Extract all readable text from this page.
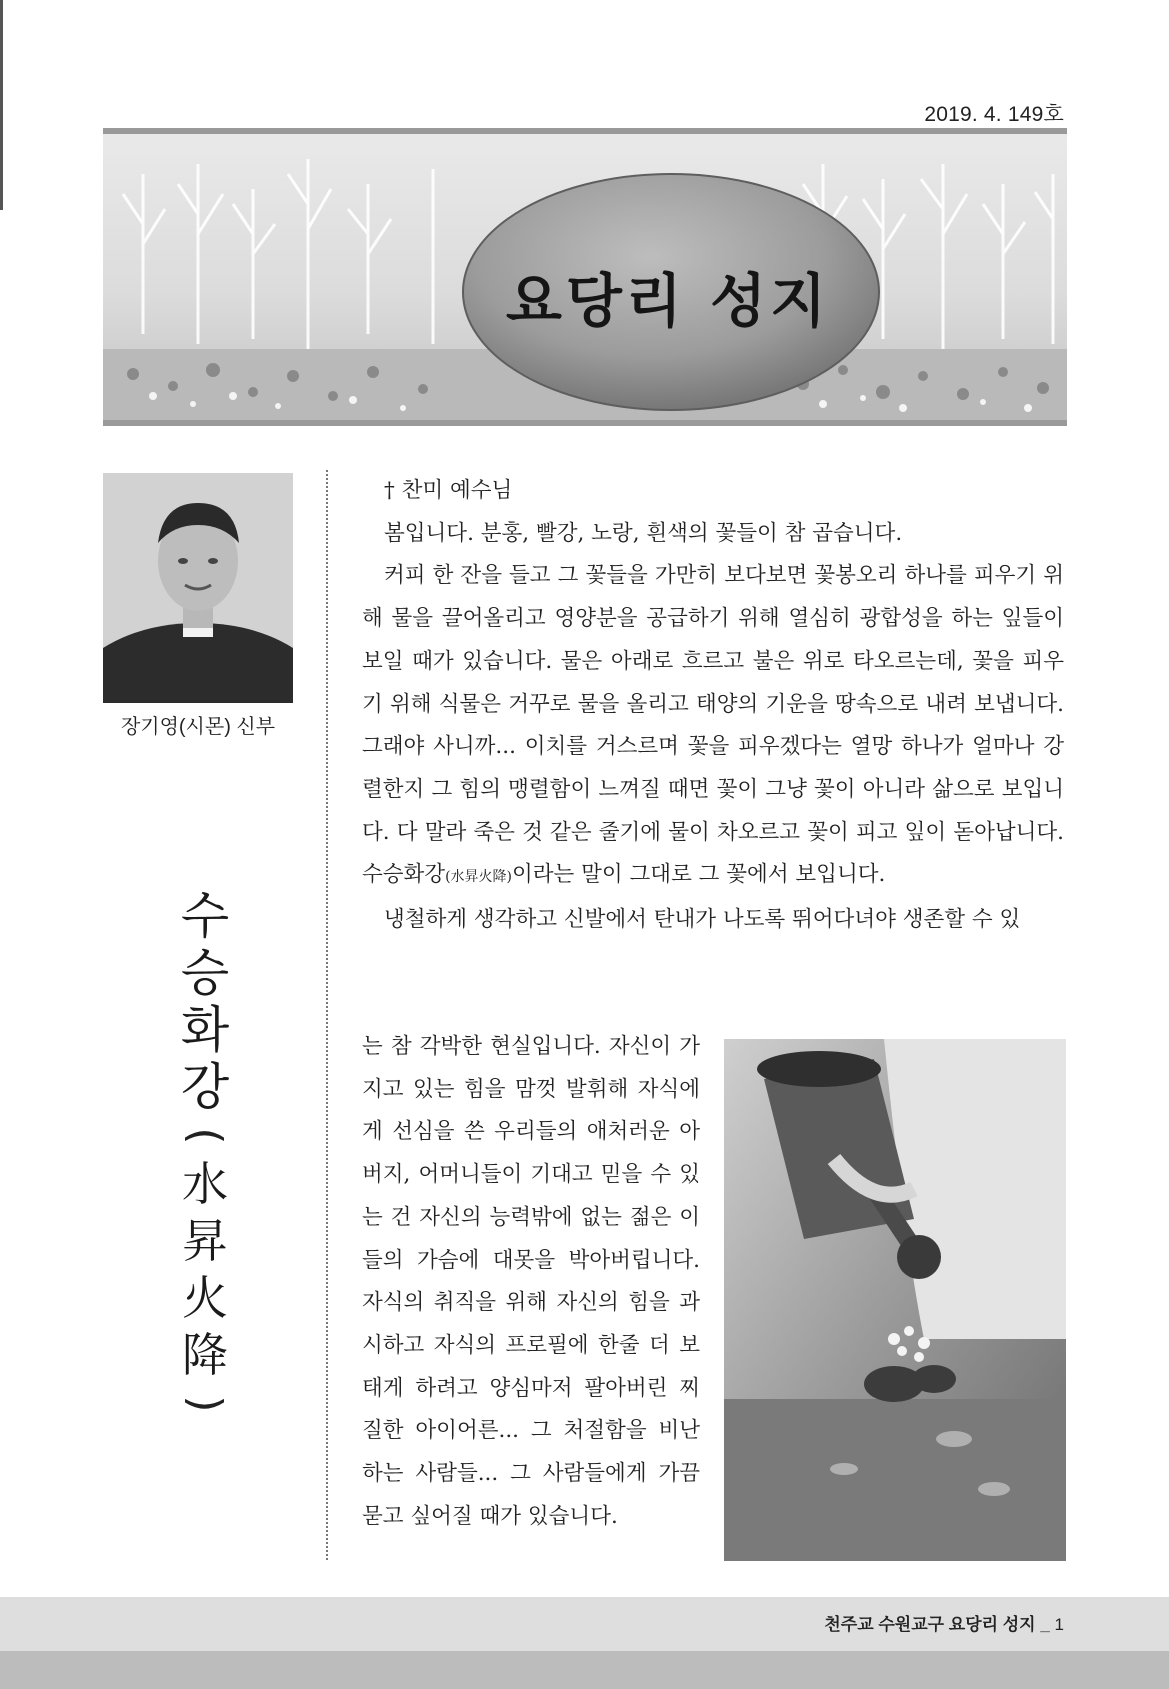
2019. 4. 149호
요당리 성지
장기영(시몬) 신부
수
승
화
강
(
水
昇
火
降
)

† 찬미 예수님

봄입니다. 분홍, 빨강, 노랑, 흰색의 꽃들이 참 곱습니다.

커피 한 잔을 들고 그 꽃들을 가만히 보다보면 꽃봉오리 하나를 피우기 위해 물을 끌어올리고 영양분을 공급하기 위해 열심히 광합성을 하는 잎들이 보일 때가 있습니다. 물은 아래로 흐르고 불은 위로 타오르는데, 꽃을 피우기 위해 식물은 거꾸로 물을 올리고 태양의 기운을 땅속으로 내려 보냅니다. 그래야 사니까... 이치를 거스르며 꽃을 피우겠다는 열망 하나가 얼마나 강렬한지 그 힘의 맹렬함이 느껴질 때면 꽃이 그냥 꽃이 아니라 삶으로 보입니다. 다 말라 죽은 것 같은 줄기에 물이 차오르고 꽃이 피고 잎이 돋아납니다. 수승화강(水昇火降)이라는 말이 그대로 그 꽃에서 보입니다.

냉철하게 생각하고 신발에서 탄내가 나도록 뛰어다녀야 생존할 수 있

는 참 각박한 현실입니다. 자신이 가지고 있는 힘을 맘껏 발휘해 자식에게 선심을 쓴 우리들의 애처러운 아버지, 어머니들이 기대고 믿을 수 있는 건 자신의 능력밖에 없는 젊은 이들의 가슴에 대못을 박아버립니다. 자식의 취직을 위해 자신의 힘을 과시하고 자식의 프로필에 한줄 더 보태게 하려고 양심마저 팔아버린 찌질한 아이어른... 그 처절함을 비난하는 사람들... 그 사람들에게 가끔 묻고 싶어질 때가 있습니다.
천주교 수원교구 요당리 성지 _ 1
